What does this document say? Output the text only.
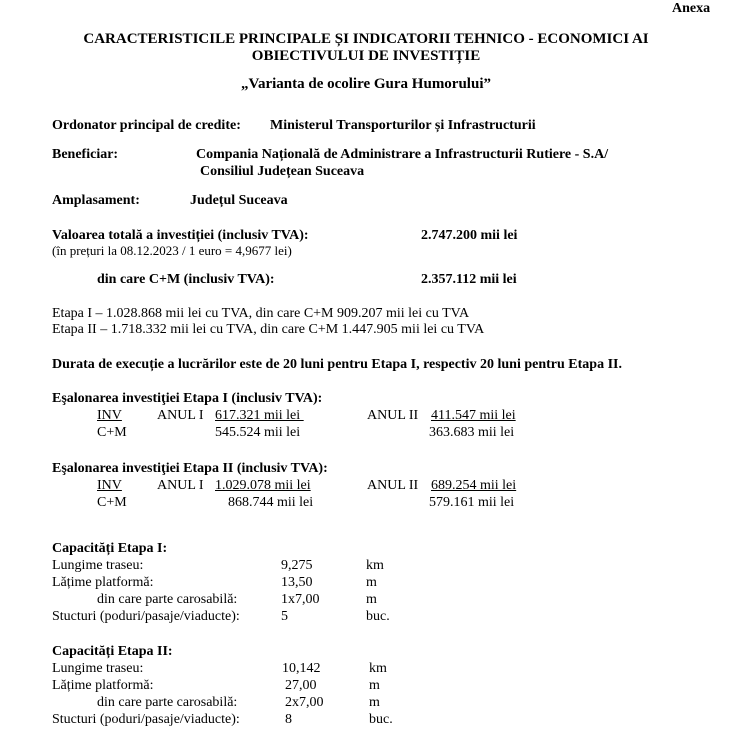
Anexa
CARACTERISTICILE PRINCIPALE ȘI INDICATORII TEHNICO - ECONOMICI AI
OBIECTIVULUI DE INVESTIȚIE
„Varianta de ocolire Gura Humorului”
Ordonator principal de credite: Ministerul Transporturilor și Infrastructurii
Beneficiar:	Compania Națională de Administrare a Infrastructurii Rutiere - S.A/
Consiliul Județean Suceava
Amplasament:	Județul Suceava
Valoarea totală a investiției (inclusiv TVA):	2.747.200 mii lei
(în prețuri la 08.12.2023 / 1 euro = 4,9677 lei)
din care C+M (inclusiv TVA):	2.357.112 mii lei
Etapa I – 1.028.868 mii lei cu TVA, din care C+M 909.207 mii lei cu TVA
Etapa II – 1.718.332 mii lei cu TVA, din care C+M 1.447.905 mii lei cu TVA
Durata de execuție a lucrărilor este de 20 luni pentru Etapa I, respectiv 20 luni pentru Etapa II.
Eşalonarea investiţiei Etapa I (inclusiv TVA):
INV	ANUL I 617.321 mii lei	ANUL II 411.547 mii lei
C+M	545.524 mii lei	363.683 mii lei
Eşalonarea investiţiei Etapa II (inclusiv TVA):
INV	ANUL I 1.029.078 mii lei	ANUL II 689.254 mii lei
C+M	868.744 mii lei	579.161 mii lei
Capacități Etapa I:
Lungime traseu:	9,275	km
Lățime platformă:	13,50	m
din care parte carosabilă:	1x7,00	m
Stucturi (poduri/pasaje/viaducte):	5	buc.
Capacități Etapa II:
Lungime traseu:	10,142	km
Lățime platformă:	27,00	m
din care parte carosabilă:	2x7,00	m
Stucturi (poduri/pasaje/viaducte):	8	buc.
